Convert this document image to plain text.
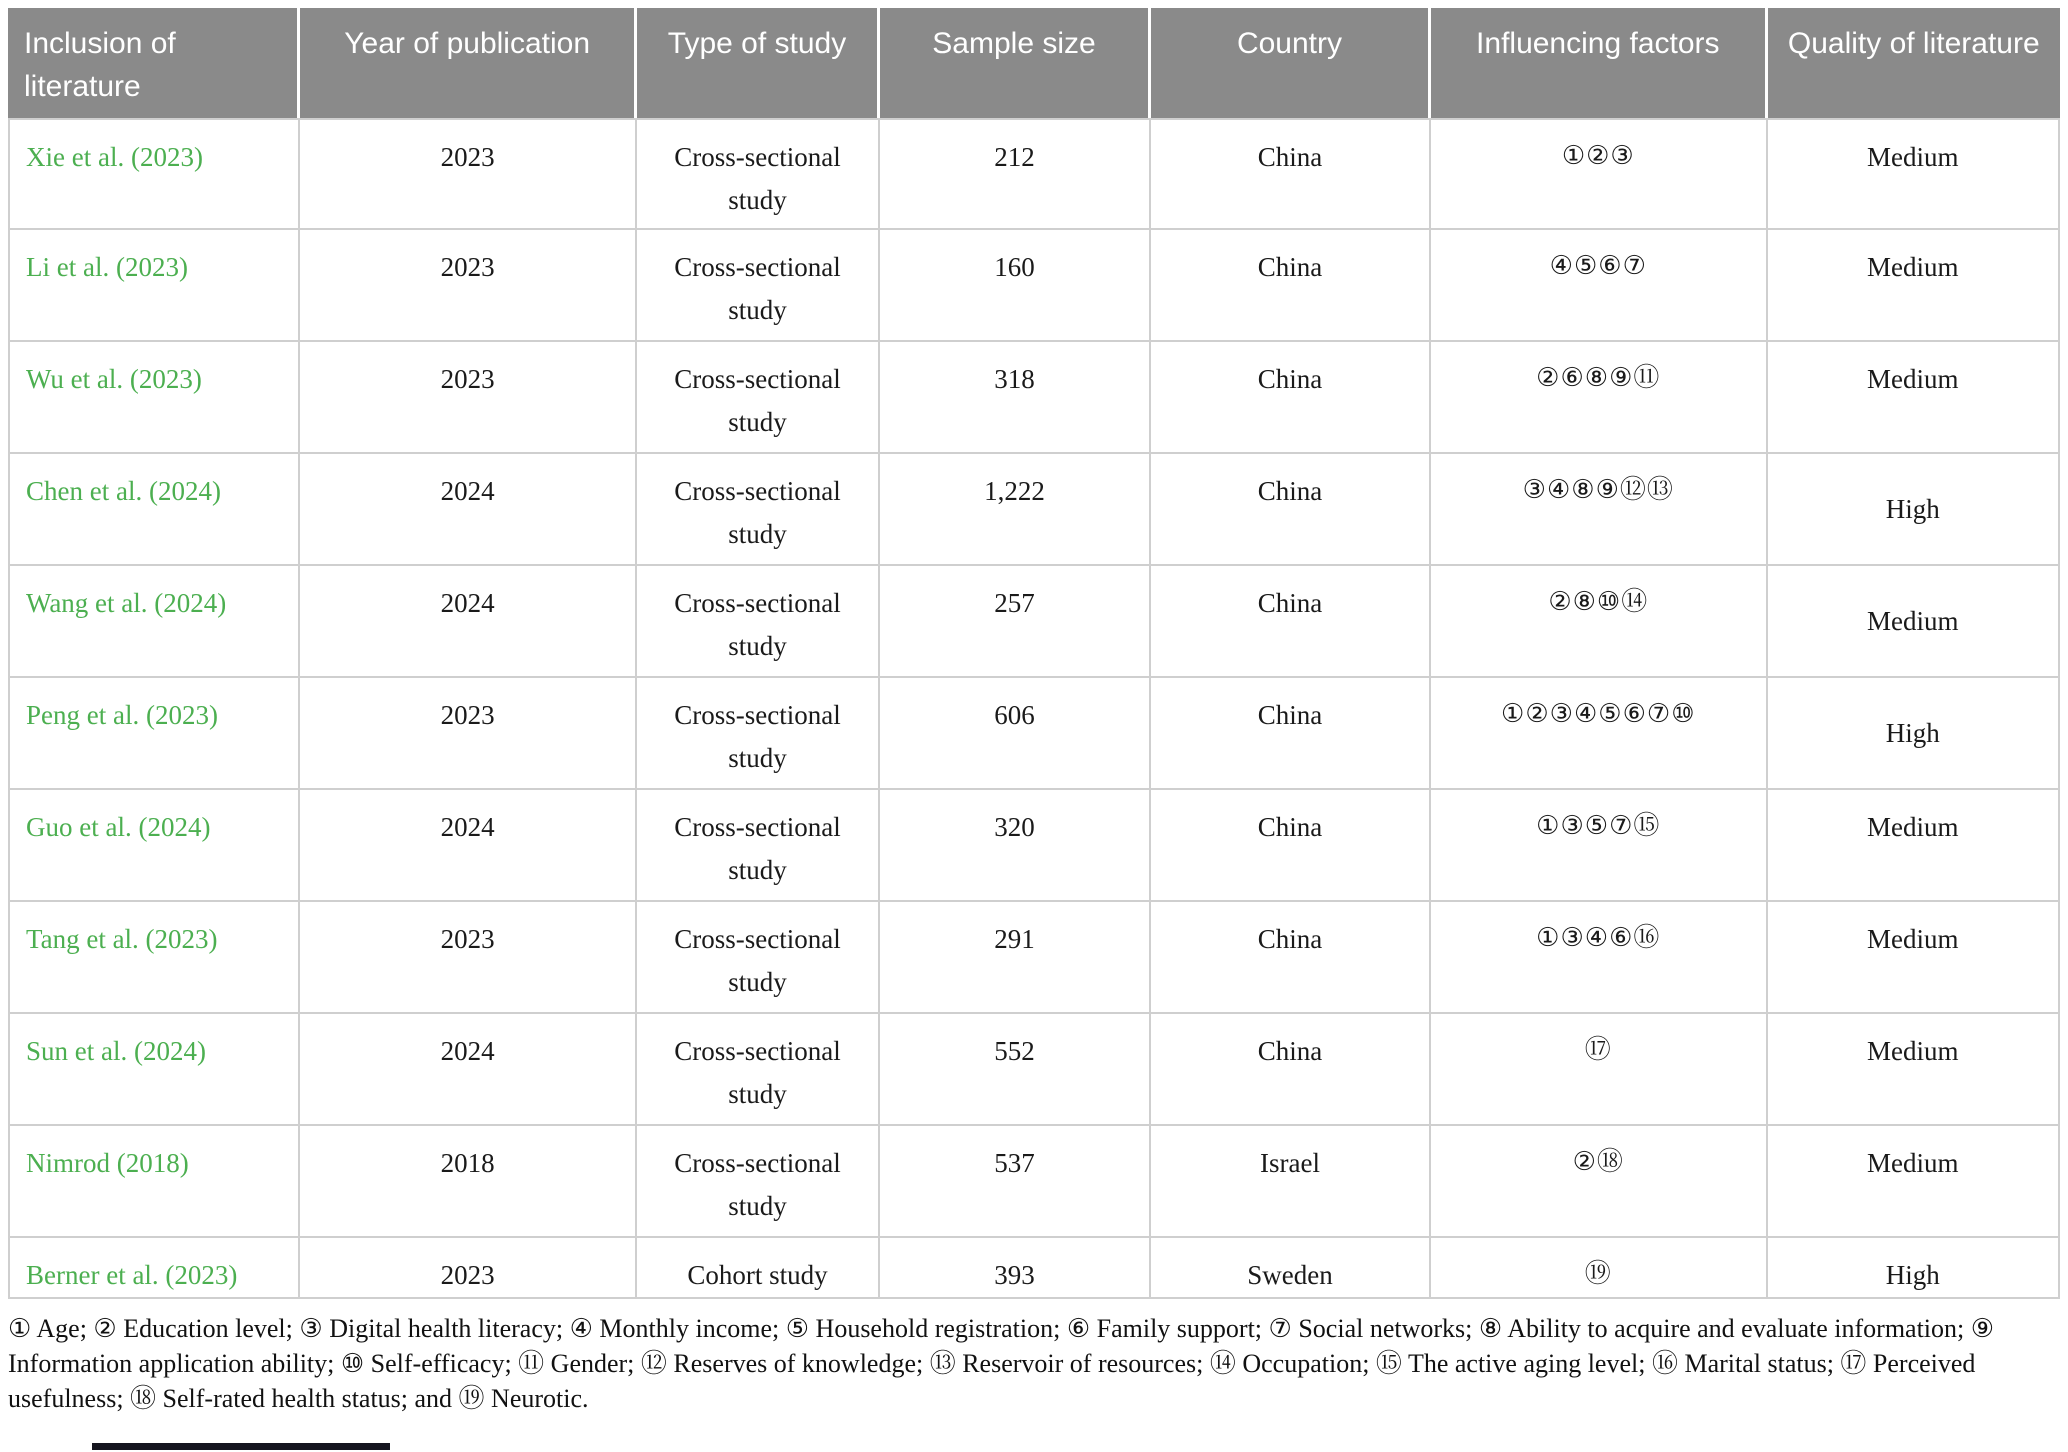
Inclusion of literature	Year of publication	Type of study	Sample size	Country	Influencing factors	Quality of literature
Xie et al. (2023)	2023	Cross-sectional study	212	China	①②③	Medium
Li et al. (2023)	2023	Cross-sectional study	160	China	④⑤⑥⑦	Medium
Wu et al. (2023)	2023	Cross-sectional study	318	China	②⑥⑧⑨⑪	Medium
Chen et al. (2024)	2024	Cross-sectional study	1,222	China	③④⑧⑨⑫⑬	High
Wang et al. (2024)	2024	Cross-sectional study	257	China	②⑧⑩⑭	Medium
Peng et al. (2023)	2023	Cross-sectional study	606	China	①②③④⑤⑥⑦⑩	High
Guo et al. (2024)	2024	Cross-sectional study	320	China	①③⑤⑦⑮	Medium
Tang et al. (2023)	2023	Cross-sectional study	291	China	①③④⑥⑯	Medium
Sun et al. (2024)	2024	Cross-sectional study	552	China	⑰	Medium
Nimrod (2018)	2018	Cross-sectional study	537	Israel	②⑱	Medium
Berner et al. (2023)	2023	Cohort study	393	Sweden	⑲	High
① Age; ② Education level; ③ Digital health literacy; ④ Monthly income; ⑤ Household registration; ⑥ Family support; ⑦ Social networks; ⑧ Ability to acquire and evaluate information; ⑨ Information application ability; ⑩ Self-efficacy; ⑪ Gender; ⑫ Reserves of knowledge; ⑬ Reservoir of resources; ⑭ Occupation; ⑮ The active aging level; ⑯ Marital status; ⑰ Perceived usefulness; ⑱ Self-rated health status; and ⑲ Neurotic.
